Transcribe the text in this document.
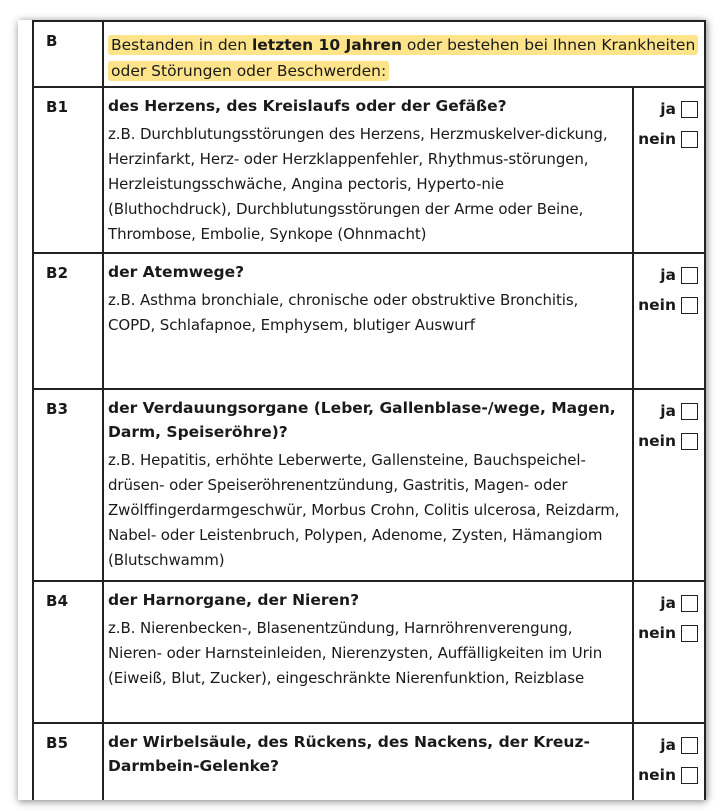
B	Bestanden in den letzten 10 Jahren oder bestehen bei Ihnen Krankheiten oder Störungen oder Beschwerden:
B1	des Herzens, des Kreislaufs oder der Gefäße?
z.B. Durchblutungsstörungen des Herzens, Herzmuskelver-dickung, Herzinfarkt, Herz- oder Herzklappenfehler, Rhythmus-störungen, Herzleistungsschwäche, Angina pectoris, Hyperto-nie (Bluthochdruck), Durchblutungsstörungen der Arme oder Beine, Thrombose, Embolie, Synkope (Ohnmacht)
ja
nein
B2	der Atemwege?
z.B. Asthma bronchiale, chronische oder obstruktive Bronchitis, COPD, Schlafapnoe, Emphysem, blutiger Auswurf
ja
nein
B3	der Verdauungsorgane (Leber, Gallenblase-/wege, Magen, Darm, Speiseröhre)?
z.B. Hepatitis, erhöhte Leberwerte, Gallensteine, Bauchspeichel-drüsen- oder Speiseröhrenentzündung, Gastritis, Magen- oder Zwölffingerdarmgeschwür, Morbus Crohn, Colitis ulcerosa, Reizdarm, Nabel- oder Leistenbruch, Polypen, Adenome, Zysten, Hämangiom (Blutschwamm)
ja
nein
B4	der Harnorgane, der Nieren?
z.B. Nierenbecken-, Blasenentzündung, Harnröhrenverengung, Nieren- oder Harnsteinleiden, Nierenzysten, Auffälligkeiten im Urin (Eiweiß, Blut, Zucker), eingeschränkte Nierenfunktion, Reizblase
ja
nein
B5	der Wirbelsäule, des Rückens, des Nackens, der Kreuz-Darmbein-Gelenke?
ja
nein
